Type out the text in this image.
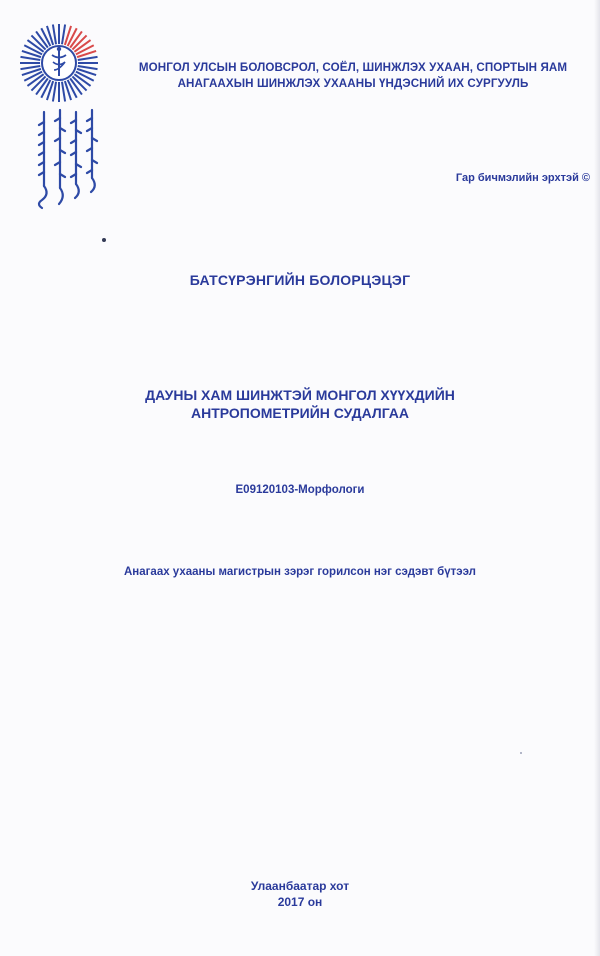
МОНГОЛ УЛСЫН БОЛОВСРОЛ, СОЁЛ, ШИНЖЛЭХ УХААН, СПОРТЫН ЯАМ
АНАГААХЫН ШИНЖЛЭХ УХААНЫ ҮНДЭСНИЙ ИХ СУРГУУЛЬ
Гар бичмэлийн эрхтэй ©
БАТСҮРЭНГИЙН БОЛОРЦЭЦЭГ
ДАУНЫ ХАМ ШИНЖТЭЙ МОНГОЛ ХҮҮХДИЙН
АНТРОПОМЕТРИЙН СУДАЛГАА
E09120103-Морфологи
Анагаах ухааны магистрын зэрэг горилсон нэг сэдэвт бүтээл
Улаанбаатар хот
2017 он
